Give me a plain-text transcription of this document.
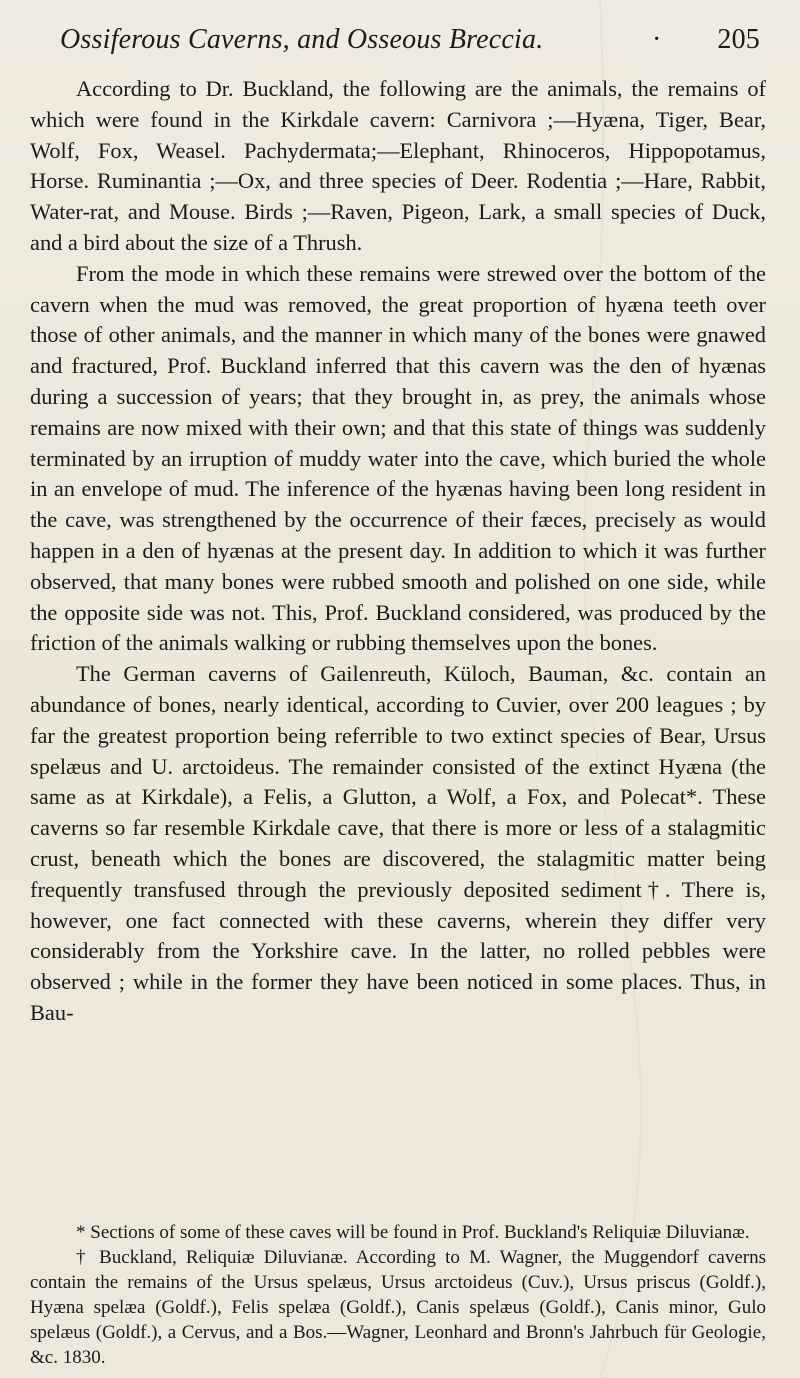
Ossiferous Caverns, and Osseous Breccia.	· 205

According to Dr. Buckland, the following are the animals, the remains of which were found in the Kirkdale cavern: Carnivora ;—Hyæna, Tiger, Bear, Wolf, Fox, Weasel. Pachydermata;—Elephant, Rhinoceros, Hippopotamus, Horse. Ruminantia ;—Ox, and three species of Deer. Rodentia ;—Hare, Rabbit, Water-rat, and Mouse. Birds ;—Raven, Pigeon, Lark, a small species of Duck, and a bird about the size of a Thrush.

From the mode in which these remains were strewed over the bottom of the cavern when the mud was removed, the great proportion of hyæna teeth over those of other animals, and the manner in which many of the bones were gnawed and fractured, Prof. Buckland inferred that this cavern was the den of hyænas during a succession of years; that they brought in, as prey, the animals whose remains are now mixed with their own; and that this state of things was suddenly terminated by an irruption of muddy water into the cave, which buried the whole in an envelope of mud. The inference of the hyænas having been long resident in the cave, was strengthened by the occurrence of their fæces, precisely as would happen in a den of hyænas at the present day. In addition to which it was further observed, that many bones were rubbed smooth and polished on one side, while the opposite side was not. This, Prof. Buckland considered, was produced by the friction of the animals walking or rubbing themselves upon the bones.

The German caverns of Gailenreuth, Küloch, Bauman, &c. contain an abundance of bones, nearly identical, according to Cuvier, over 200 leagues ; by far the greatest proportion being referrible to two extinct species of Bear, Ursus spelæus and U. arctoideus. The remainder consisted of the extinct Hyæna (the same as at Kirkdale), a Felis, a Glutton, a Wolf, a Fox, and Polecat*. These caverns so far resemble Kirkdale cave, that there is more or less of a stalagmitic crust, beneath which the bones are discovered, the stalagmitic matter being frequently transfused through the previously deposited sediment†. There is, however, one fact connected with these caverns, wherein they differ very considerably from the Yorkshire cave. In the latter, no rolled pebbles were observed ; while in the former they have been noticed in some places. Thus, in Bau-

* Sections of some of these caves will be found in Prof. Buckland's Reliquiæ Diluvianæ.

† Buckland, Reliquiæ Diluvianæ. According to M. Wagner, the Muggendorf caverns contain the remains of the Ursus spelæus, Ursus arctoideus (Cuv.), Ursus priscus (Goldf.), Hyæna spelæa (Goldf.), Felis spelæa (Goldf.), Canis spelæus (Goldf.), Canis minor, Gulo spelæus (Goldf.), a Cervus, and a Bos.—Wagner, Leonhard and Bronn's Jahrbuch für Geologie, &c. 1830.
